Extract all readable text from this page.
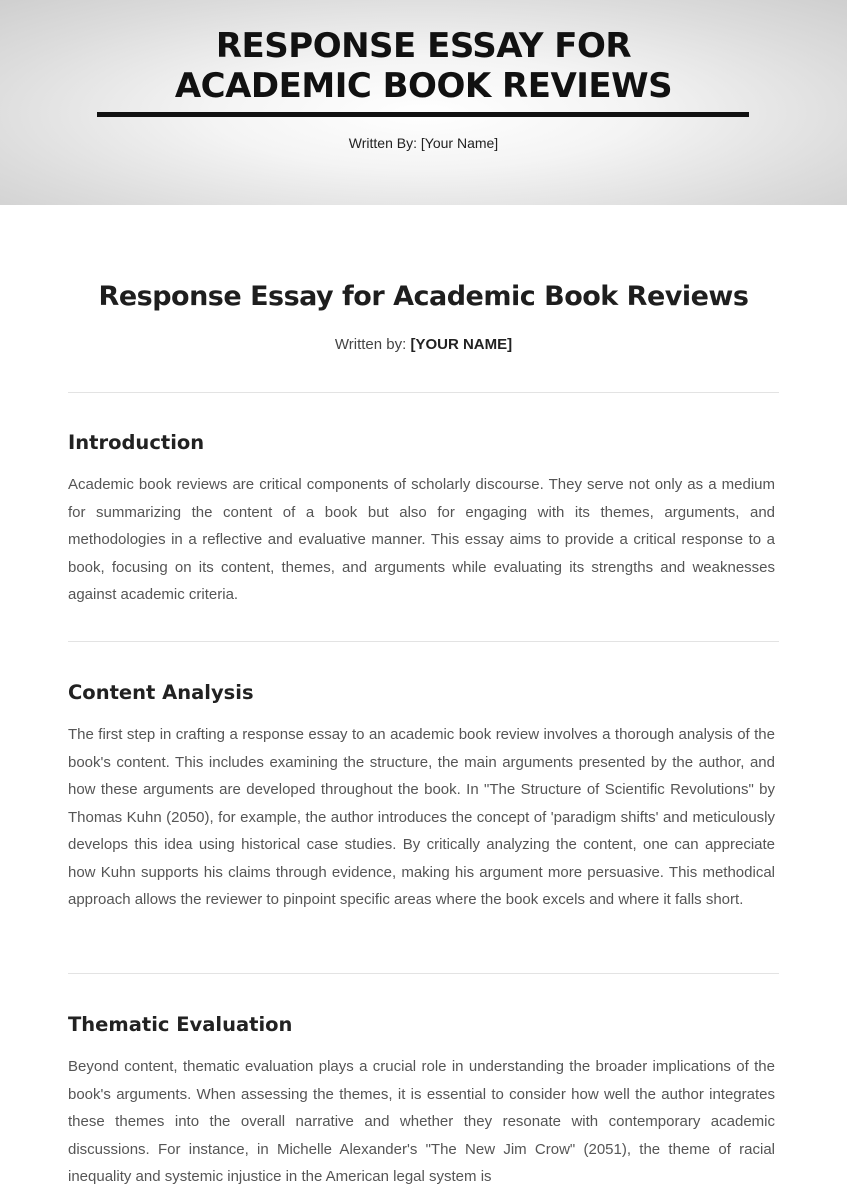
RESPONSE ESSAY FOR
ACADEMIC BOOK REVIEWS
Written By: [Your Name]
Response Essay for Academic Book Reviews
Written by: [YOUR NAME]
Introduction

Academic book reviews are critical components of scholarly discourse. They serve not only as a medium for summarizing the content of a book but also for engaging with its themes, arguments, and methodologies in a reflective and evaluative manner. This essay aims to provide a critical response to a book, focusing on its content, themes, and arguments while evaluating its strengths and weaknesses against academic criteria.

Content Analysis

The first step in crafting a response essay to an academic book review involves a thorough analysis of the book's content. This includes examining the structure, the main arguments presented by the author, and how these arguments are developed throughout the book. In "The Structure of Scientific Revolutions" by Thomas Kuhn (2050), for example, the author introduces the concept of 'paradigm shifts' and meticulously develops this idea using historical case studies. By critically analyzing the content, one can appreciate how Kuhn supports his claims through evidence, making his argument more persuasive. This methodical approach allows the reviewer to pinpoint specific areas where the book excels and where it falls short.

Thematic Evaluation

Beyond content, thematic evaluation plays a crucial role in understanding the broader implications of the book's arguments. When assessing the themes, it is essential to consider how well the author integrates these themes into the overall narrative and whether they resonate with contemporary academic discussions. For instance, in Michelle Alexander's "The New Jim Crow" (2051), the theme of racial inequality and systemic injustice in the American legal system is
